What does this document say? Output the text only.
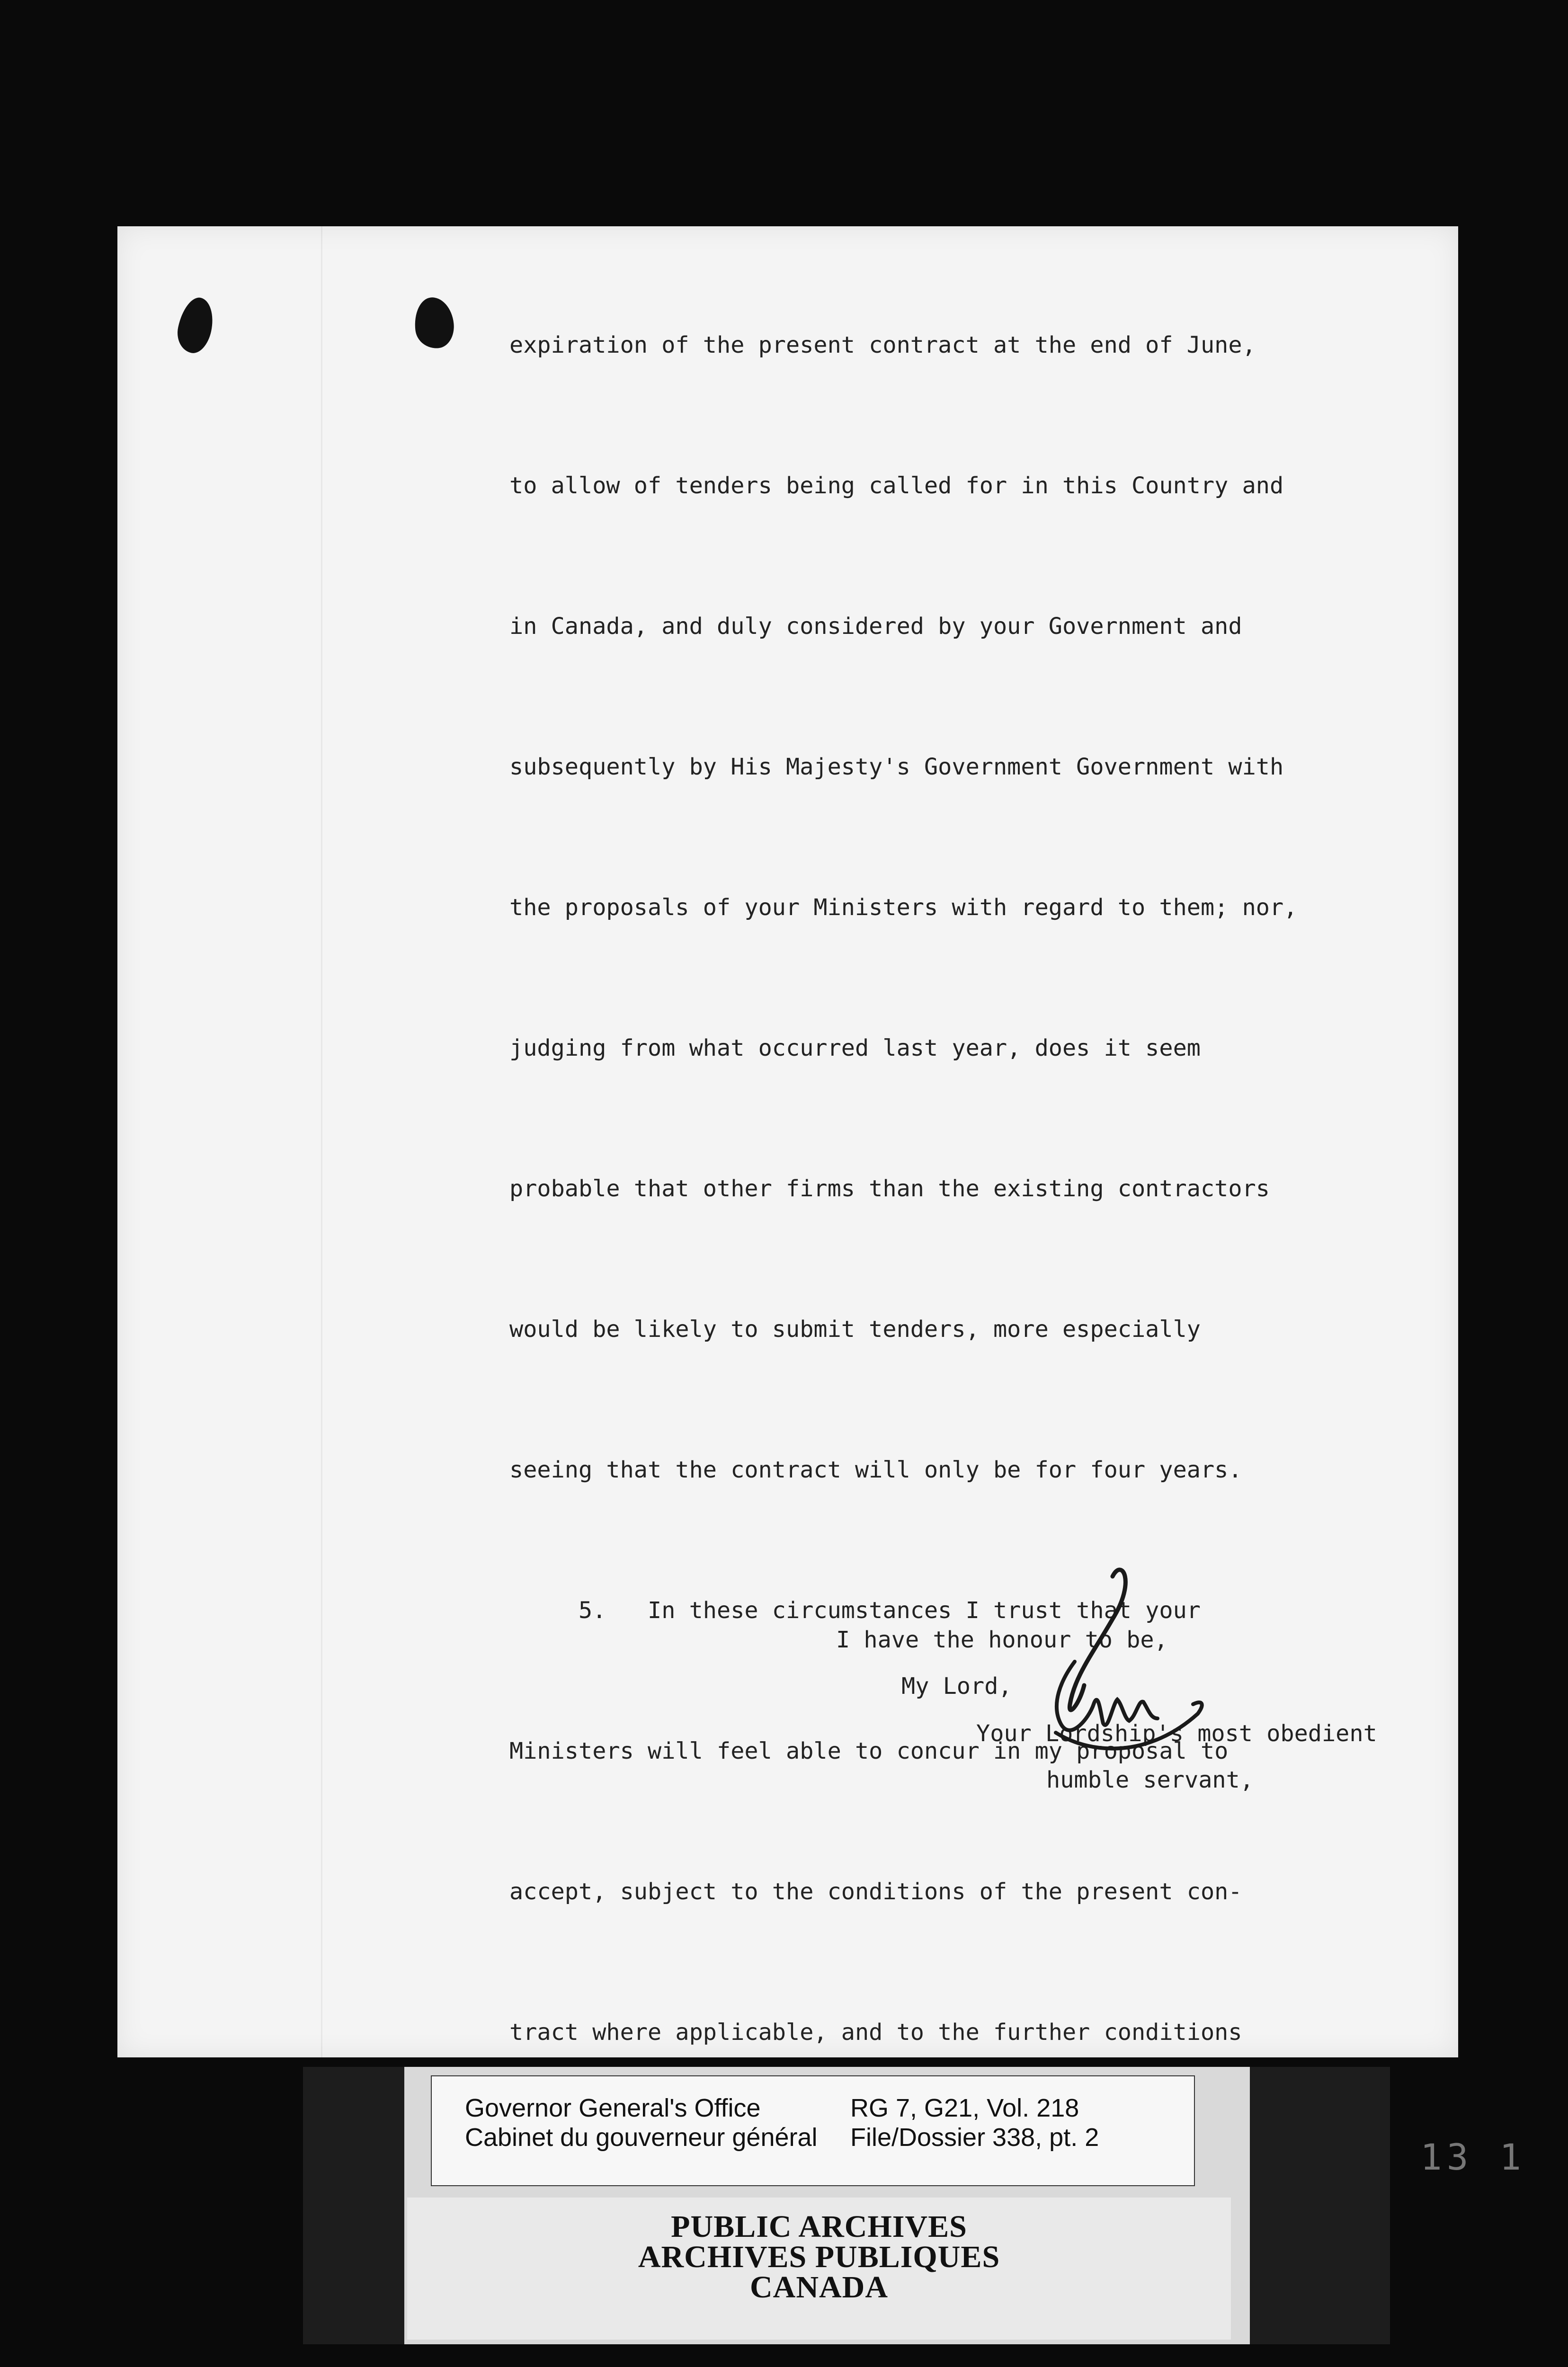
expiration of the present contract at the end of June,

to allow of tenders being called for in this Country and

in Canada, and duly considered by your Government and

subsequently by His Majesty's Government Government with

the proposals of your Ministers with regard to them; nor,

judging from what occurred last year, does it seem

probable that other firms than the existing contractors

would be likely to submit tenders, more especially

seeing that the contract will only be for four years.

5.   In these circumstances I trust that your

Ministers will feel able to concur in my proposal to

accept, subject to the conditions of the present con-

tract where applicable, and to the further conditions

I have the honour to be,
My Lord,
Your Lordship's most obedient
humble servant,
Governor General's Office
Cabinet du gouverneur général
RG 7, G21, Vol. 218
File/Dossier 338, pt. 2
PUBLIC ARCHIVES
ARCHIVES PUBLIQUES
CANADA
13 1
